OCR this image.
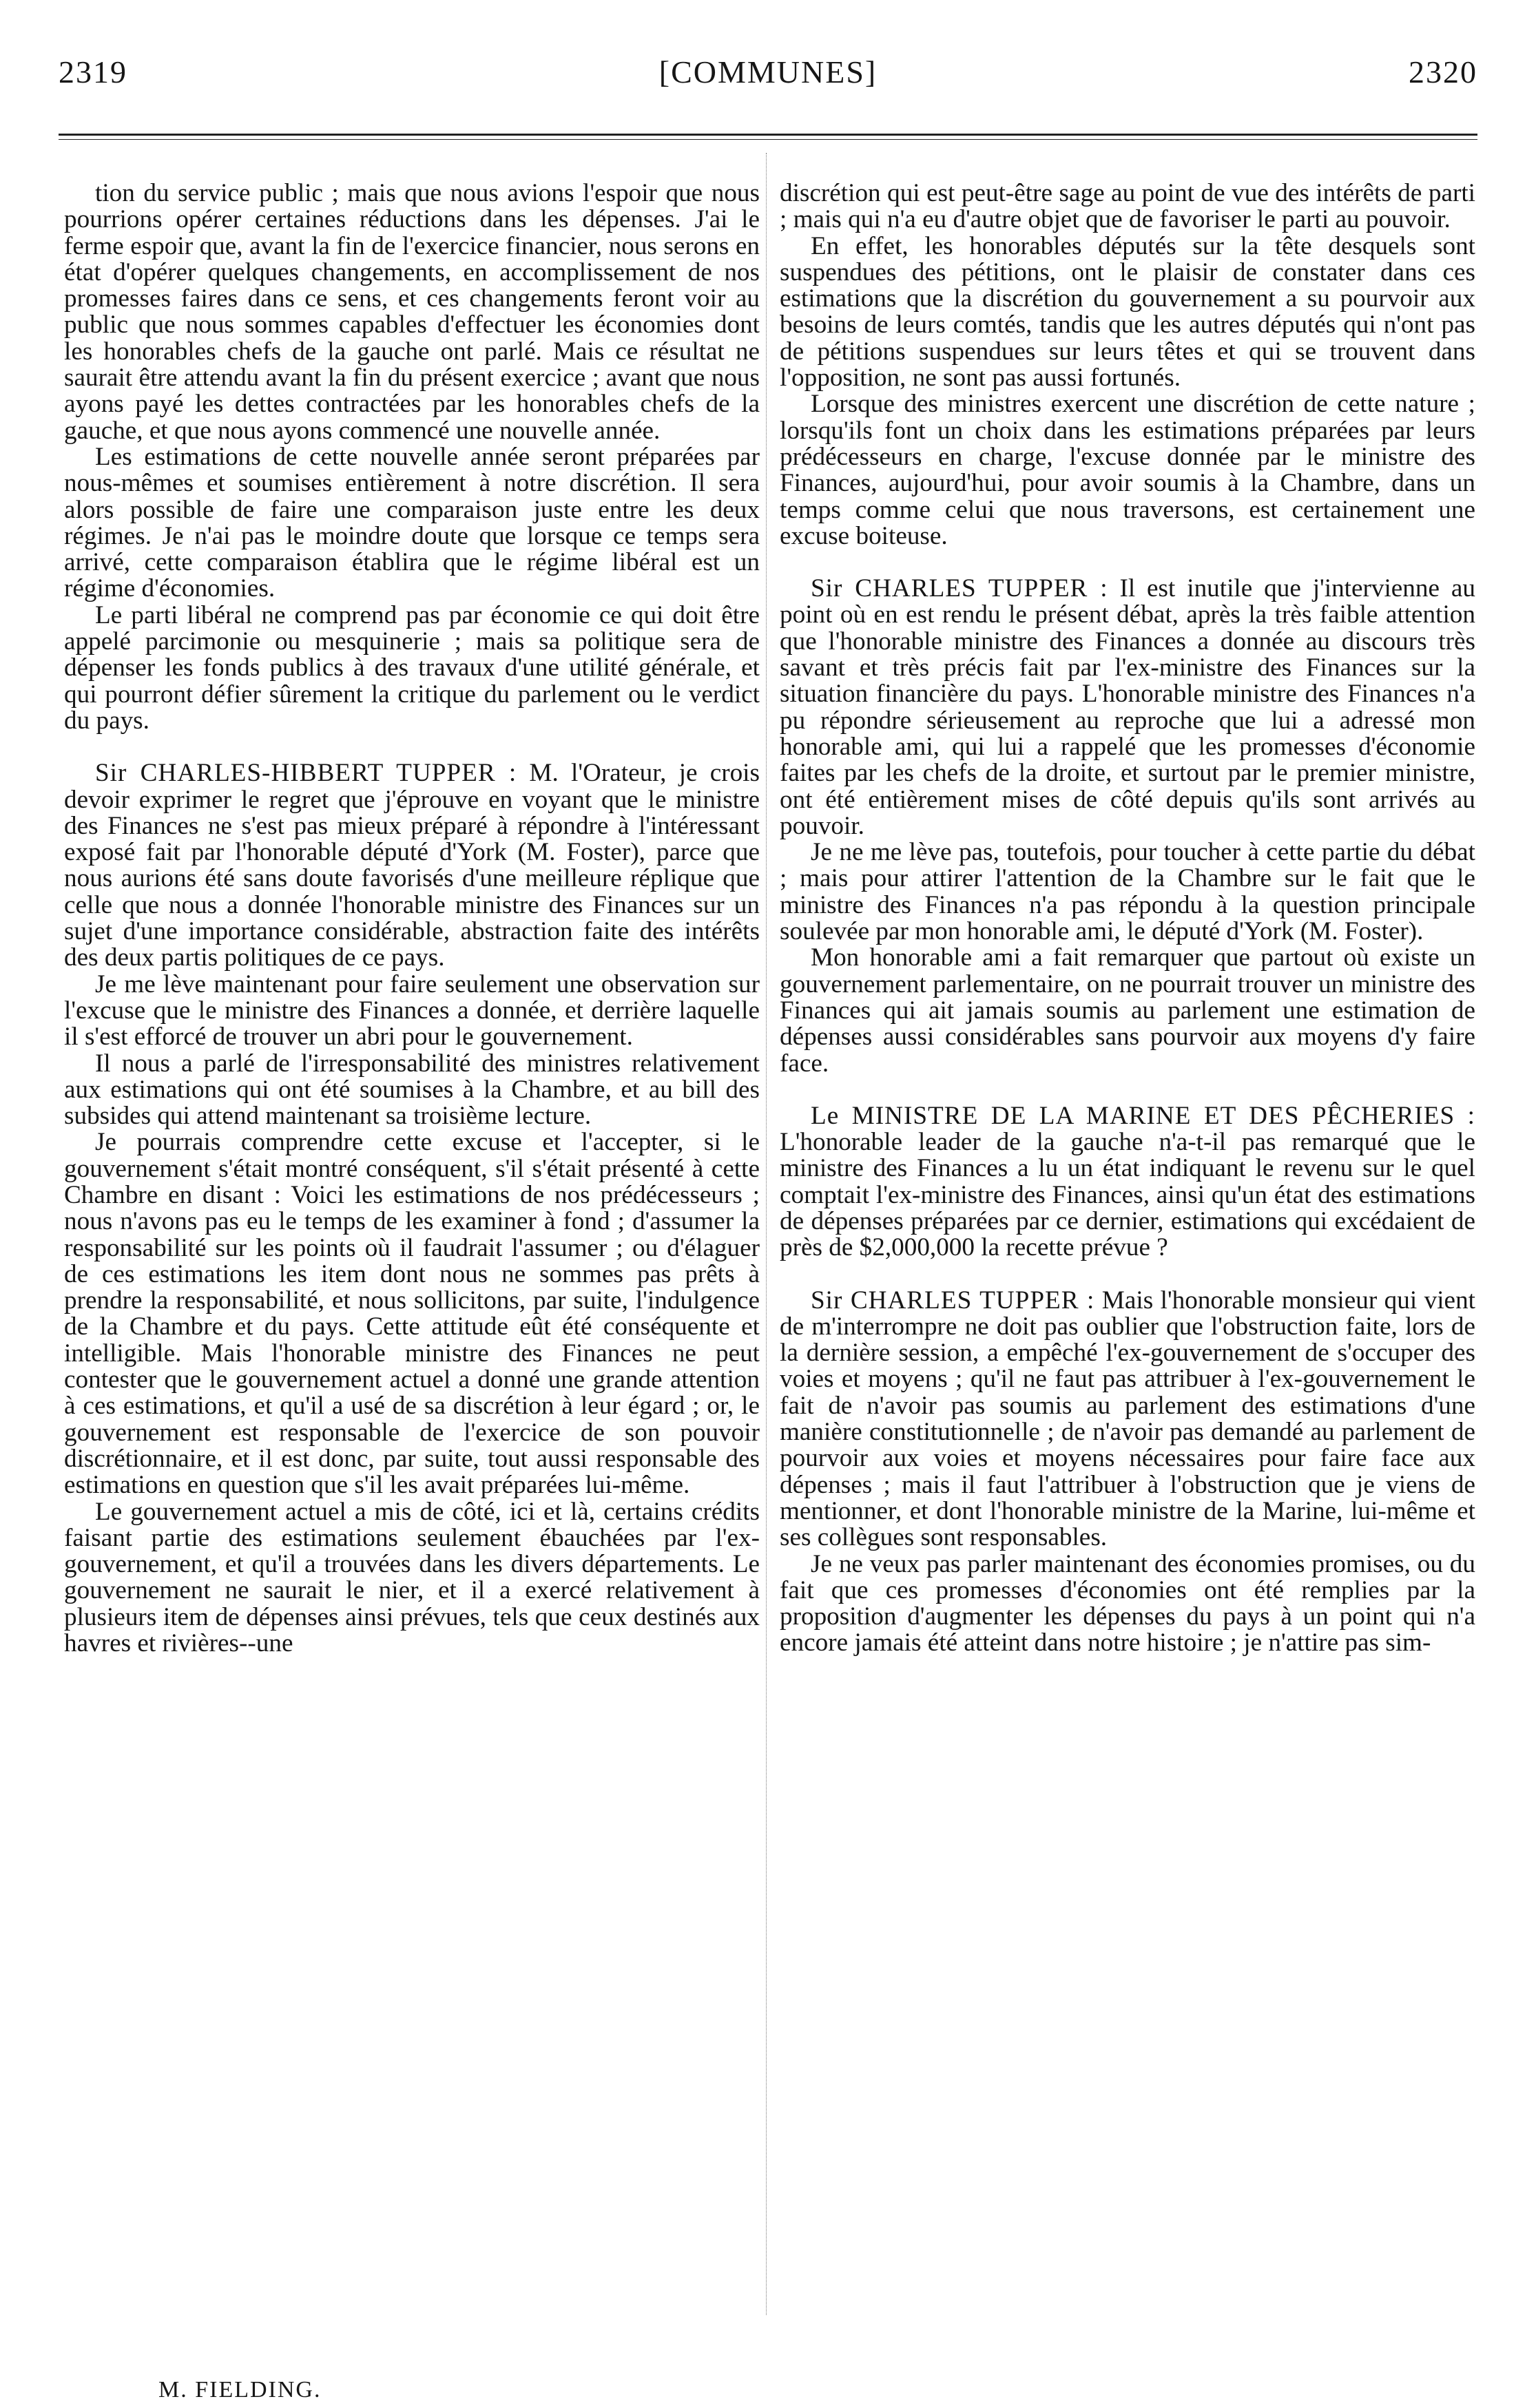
2319	[COMMUNES]	2320

tion du service public ; mais que nous avions l'espoir que nous pourrions opérer certaines réductions dans les dépenses. J'ai le ferme espoir que, avant la fin de l'exercice financier, nous serons en état d'opérer quelques changements, en accomplissement de nos promesses faires dans ce sens, et ces changements feront voir au public que nous sommes capables d'effectuer les économies dont les honorables chefs de la gauche ont parlé. Mais ce résultat ne saurait être attendu avant la fin du présent exercice ; avant que nous ayons payé les dettes contractées par les honorables chefs de la gauche, et que nous ayons commencé une nouvelle année.

Les estimations de cette nouvelle année seront préparées par nous-mêmes et soumises entièrement à notre discrétion. Il sera alors possible de faire une comparaison juste entre les deux régimes. Je n'ai pas le moindre doute que lorsque ce temps sera arrivé, cette comparaison établira que le régime libéral est un régime d'économies.

Le parti libéral ne comprend pas par économie ce qui doit être appelé parcimonie ou mesquinerie ; mais sa politique sera de dépenser les fonds publics à des travaux d'une utilité générale, et qui pourront défier sûrement la critique du parlement ou le verdict du pays.

Sir CHARLES-HIBBERT TUPPER : M. l'Orateur, je crois devoir exprimer le regret que j'éprouve en voyant que le ministre des Finances ne s'est pas mieux préparé à répondre à l'intéressant exposé fait par l'honorable député d'York (M. Foster), parce que nous aurions été sans doute favorisés d'une meilleure réplique que celle que nous a donnée l'honorable ministre des Finances sur un sujet d'une importance considérable, abstraction faite des intérêts des deux partis politiques de ce pays.

Je me lève maintenant pour faire seulement une observation sur l'excuse que le ministre des Finances a donnée, et derrière laquelle il s'est efforcé de trouver un abri pour le gouvernement.

Il nous a parlé de l'irresponsabilité des ministres relativement aux estimations qui ont été soumises à la Chambre, et au bill des subsides qui attend maintenant sa troisième lecture.

Je pourrais comprendre cette excuse et l'accepter, si le gouvernement s'était montré conséquent, s'il s'était présenté à cette Chambre en disant : Voici les estimations de nos prédécesseurs ; nous n'avons pas eu le temps de les examiner à fond ; d'assumer la responsabilité sur les points où il faudrait l'assumer ; ou d'élaguer de ces estimations les item dont nous ne sommes pas prêts à prendre la responsabilité, et nous sollicitons, par suite, l'indulgence de la Chambre et du pays. Cette attitude eût été conséquente et intelligible. Mais l'honorable ministre des Finances ne peut contester que le gouvernement actuel a donné une grande attention à ces estimations, et qu'il a usé de sa discrétion à leur égard ; or, le gouvernement est responsable de l'exercice de son pouvoir discrétionnaire, et il est donc, par suite, tout aussi responsable des estimations en question que s'il les avait préparées lui-même.

Le gouvernement actuel a mis de côté, ici et là, certains crédits faisant partie des estimations seulement ébauchées par l'ex-gouvernement, et qu'il a trouvées dans les divers départements. Le gouvernement ne saurait le nier, et il a exercé relativement à plusieurs item de dépenses ainsi prévues, tels que ceux destinés aux havres et rivières--une

discrétion qui est peut-être sage au point de vue des intérêts de parti ; mais qui n'a eu d'autre objet que de favoriser le parti au pouvoir.

En effet, les honorables députés sur la tête desquels sont suspendues des pétitions, ont le plaisir de constater dans ces estimations que la discrétion du gouvernement a su pourvoir aux besoins de leurs comtés, tandis que les autres députés qui n'ont pas de pétitions suspendues sur leurs têtes et qui se trouvent dans l'opposition, ne sont pas aussi fortunés.

Lorsque des ministres exercent une discrétion de cette nature ; lorsqu'ils font un choix dans les estimations préparées par leurs prédécesseurs en charge, l'excuse donnée par le ministre des Finances, aujourd'hui, pour avoir soumis à la Chambre, dans un temps comme celui que nous traversons, est certainement une excuse boiteuse.

Sir CHARLES TUPPER : Il est inutile que j'intervienne au point où en est rendu le présent débat, après la très faible attention que l'honorable ministre des Finances a donnée au discours très savant et très précis fait par l'ex-ministre des Finances sur la situation financière du pays. L'honorable ministre des Finances n'a pu répondre sérieusement au reproche que lui a adressé mon honorable ami, qui lui a rappelé que les promesses d'économie faites par les chefs de la droite, et surtout par le premier ministre, ont été entièrement mises de côté depuis qu'ils sont arrivés au pouvoir.

Je ne me lève pas, toutefois, pour toucher à cette partie du débat ; mais pour attirer l'attention de la Chambre sur le fait que le ministre des Finances n'a pas répondu à la question principale soulevée par mon honorable ami, le député d'York (M. Foster).

Mon honorable ami a fait remarquer que partout où existe un gouvernement parlementaire, on ne pourrait trouver un ministre des Finances qui ait jamais soumis au parlement une estimation de dépenses aussi considérables sans pourvoir aux moyens d'y faire face.

Le MINISTRE DE LA MARINE ET DES PÊCHERIES : L'honorable leader de la gauche n'a-t-il pas remarqué que le ministre des Finances a lu un état indiquant le revenu sur le quel comptait l'ex-ministre des Finances, ainsi qu'un état des estimations de dépenses préparées par ce dernier, estimations qui excédaient de près de $2,000,000 la recette prévue ?

Sir CHARLES TUPPER : Mais l'honorable monsieur qui vient de m'interrompre ne doit pas oublier que l'obstruction faite, lors de la dernière session, a empêché l'ex-gouvernement de s'occuper des voies et moyens ; qu'il ne faut pas attribuer à l'ex-gouvernement le fait de n'avoir pas soumis au parlement des estimations d'une manière constitutionnelle ; de n'avoir pas demandé au parlement de pourvoir aux voies et moyens nécessaires pour faire face aux dépenses ; mais il faut l'attribuer à l'obstruction que je viens de mentionner, et dont l'honorable ministre de la Marine, lui-même et ses collègues sont responsables.

Je ne veux pas parler maintenant des économies promises, ou du fait que ces promesses d'économies ont été remplies par la proposition d'augmenter les dépenses du pays à un point qui n'a encore jamais été atteint dans notre histoire ; je n'attire pas sim-

M. FIELDING.
